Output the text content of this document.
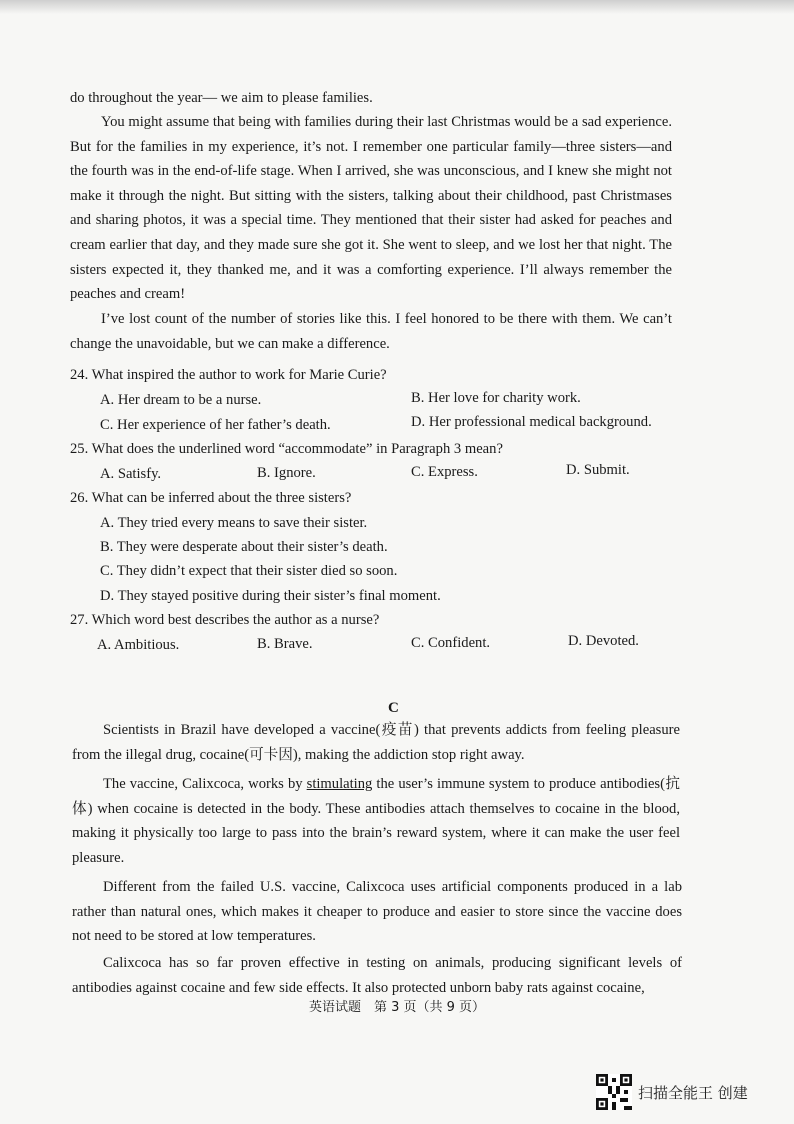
do throughout the year— we aim to please families.

You might assume that being with families during their last Christmas would be a sad experience. But for the families in my experience, it’s not. I remember one particular family—three sisters—and the fourth was in the end-of-life stage. When I arrived, she was unconscious, and I knew she might not make it through the night. But sitting with the sisters, talking about their childhood, past Christmases and sharing photos, it was a special time. They mentioned that their sister had asked for peaches and cream earlier that day, and they made sure she got it. She went to sleep, and we lost her that night. The sisters expected it, they thanked me, and it was a comforting experience. I’ll always remember the peaches and cream!

I’ve lost count of the number of stories like this. I feel honored to be there with them. We can’t change the unavoidable, but we can make a difference.

24. What inspired the author to work for Marie Curie?
A. Her dream to be a nurse.	B. Her love for charity work.
C. Her experience of her father’s death.	D. Her professional medical background.
25. What does the underlined word “accommodate” in Paragraph 3 mean?
A. Satisfy.	B. Ignore.	C. Express.	D. Submit.
26. What can be inferred about the three sisters?
A. They tried every means to save their sister.
B. They were desperate about their sister’s death.
C. They didn’t expect that their sister died so soon.
D. They stayed positive during their sister’s final moment.
27. Which word best describes the author as a nurse?
A. Ambitious.	B. Brave.	C. Confident.	D. Devoted.
C

Scientists in Brazil have developed a vaccine(疫苗) that prevents addicts from feeling pleasure from the illegal drug, cocaine(可卡因), making the addiction stop right away.

The vaccine, Calixcoca, works by stimulating the user’s immune system to produce antibodies(抗体) when cocaine is detected in the body. These antibodies attach themselves to cocaine in the blood, making it physically too large to pass into the brain’s reward system, where it can make the user feel pleasure.

Different from the failed U.S. vaccine, Calixcoca uses artificial components produced in a lab rather than natural ones, which makes it cheaper to produce and easier to store since the vaccine does not need to be stored at low temperatures.

Calixcoca has so far proven effective in testing on animals, producing significant levels of antibodies against cocaine and few side effects. It also protected unborn baby rats against cocaine,

英语试题　第 3 页（共 9 页）
扫描全能王 创建
